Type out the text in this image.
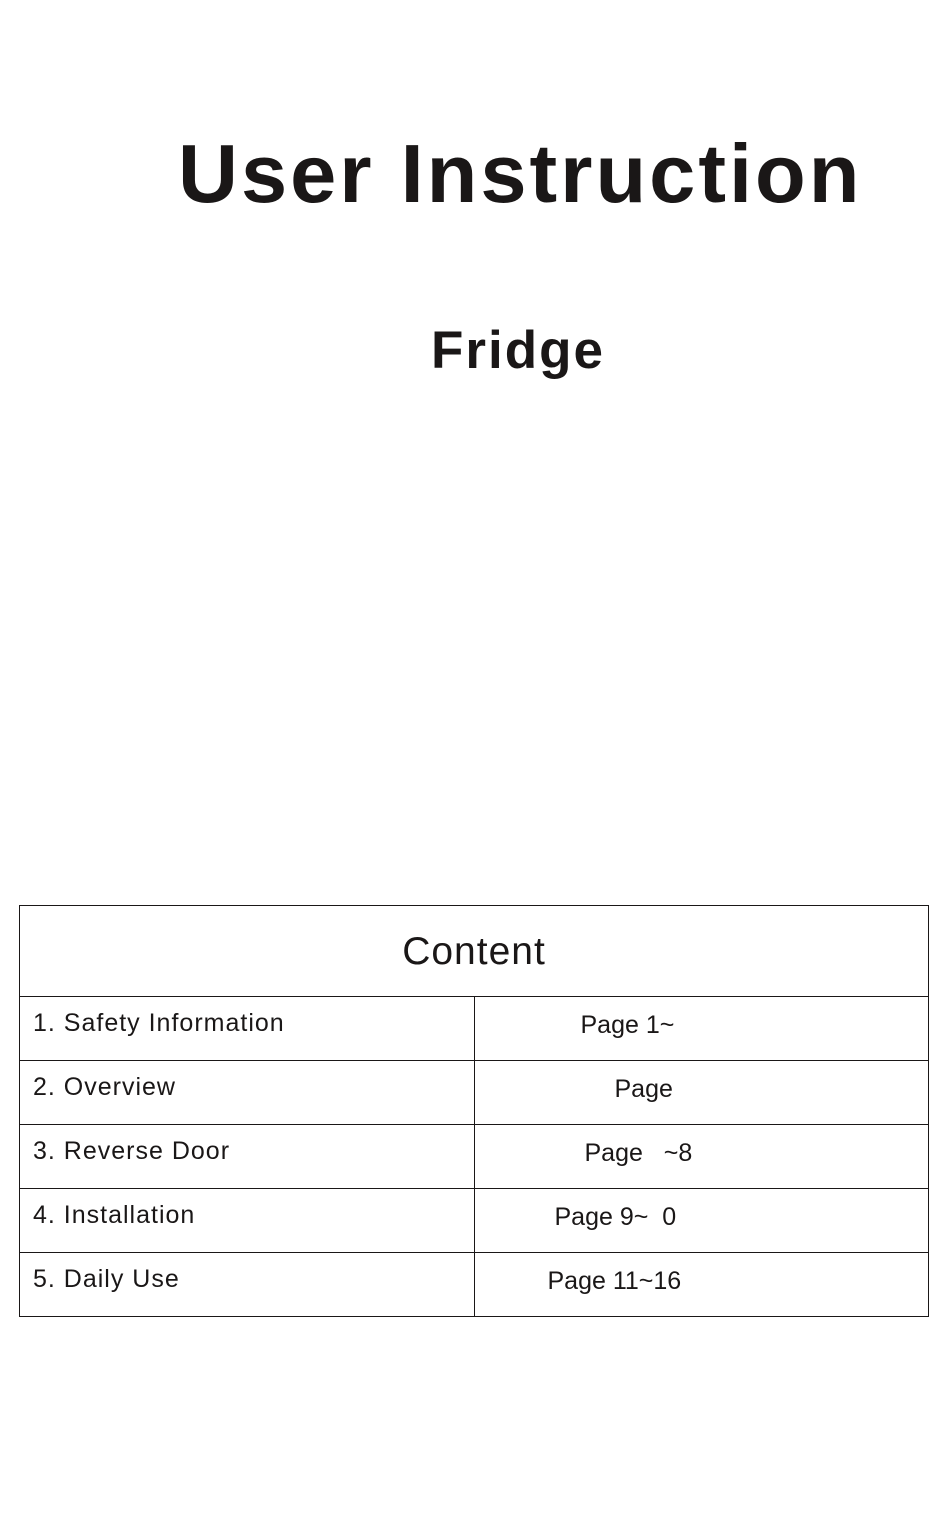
User Instruction
Fridge
Content	
1. Safety Information	Page 1~
2. Overview	Page
3. Reverse Door	Page   ~8
4. Installation	Page 9~  0
5. Daily Use	Page 11~16
